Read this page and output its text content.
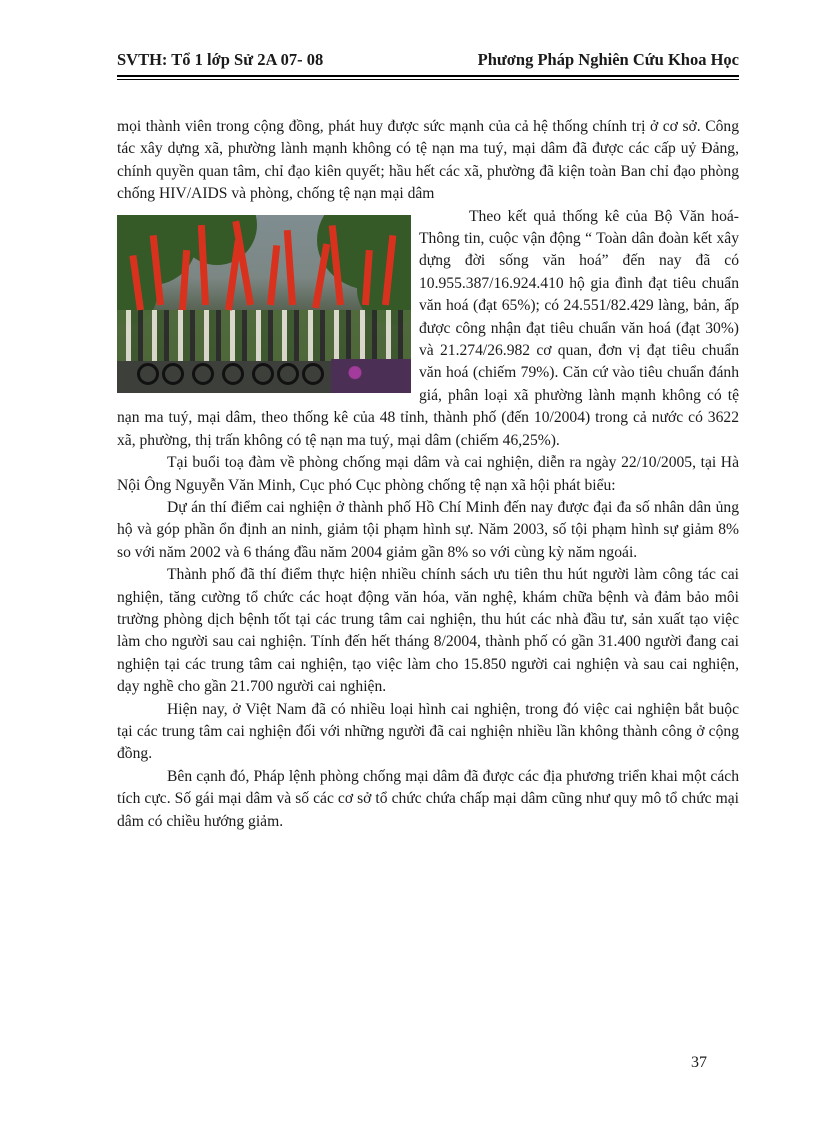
SVTH: Tổ 1 lớp Sử 2A 07- 08	Phương Pháp Nghiên Cứu Khoa Học

mọi thành viên trong cộng đồng, phát huy được sức mạnh của cả hệ thống chính trị ở cơ sở. Công tác xây dựng xã, phường lành mạnh không có tệ nạn ma tuý, mại dâm đã được các cấp uỷ Đảng, chính quyền quan tâm, chỉ đạo kiên quyết; hầu hết các xã, phường đã kiện toàn Ban chỉ đạo phòng chống HIV/AIDS và phòng, chống tệ nạn mại dâm

Theo kết quả thống kê của Bộ Văn hoá- Thông tin, cuộc vận động “ Toàn dân đoàn kết xây dựng đời sống văn hoá” đến nay đã có 10.955.387/16.924.410 hộ gia đình đạt tiêu chuẩn văn hoá (đạt 65%); có 24.551/82.429 làng, bản, ấp được công nhận đạt tiêu chuẩn văn hoá (đạt 30%) và 21.274/26.982 cơ quan, đơn vị đạt tiêu chuẩn văn hoá (chiếm 79%). Căn cứ vào tiêu chuẩn đánh giá, phân loại xã phường lành mạnh không có tệ nạn ma tuý, mại dâm, theo thống kê của 48 tỉnh, thành phố (đến 10/2004) trong cả nước có 3622 xã, phường, thị trấn không có tệ nạn ma tuý, mại dâm (chiếm 46,25%).

Tại buổi toạ đàm về phòng chống mại dâm và cai nghiện, diễn ra ngày 22/10/2005, tại Hà Nội Ông Nguyễn Văn Minh, Cục phó Cục phòng chống tệ nạn xã hội phát biểu:

Dự án thí điểm cai nghiện ở thành phố Hồ Chí Minh đến nay được đại đa số nhân dân ủng hộ và góp phần ổn định an ninh, giảm tội phạm hình sự. Năm 2003, số tội phạm hình sự giảm 8% so với năm 2002 và 6 tháng đầu năm 2004 giảm gần 8% so với cùng kỳ năm ngoái.

Thành phố đã thí điểm thực hiện nhiều chính sách ưu tiên thu hút người làm công tác cai nghiện, tăng cường tổ chức các hoạt động văn hóa, văn nghệ, khám chữa bệnh và đảm bảo môi trường phòng dịch bệnh tốt tại các trung tâm cai nghiện, thu hút các nhà đầu tư, sản xuất tạo việc làm cho người sau cai nghiện. Tính đến hết tháng 8/2004, thành phố có gần 31.400 người đang cai nghiện tại các trung tâm cai nghiện, tạo việc làm cho 15.850 người cai nghiện và sau cai nghiện, dạy nghề cho gần 21.700 người cai nghiện.

Hiện nay, ở Việt Nam đã có nhiều loại hình cai nghiện, trong đó việc cai nghiện bắt buộc tại các trung tâm cai nghiện đối với những người đã cai nghiện nhiều lần không thành công ở cộng đồng.

Bên cạnh đó, Pháp lệnh phòng chống mại dâm đã được các địa phương triển khai một cách tích cực. Số gái mại dâm và số các cơ sở tổ chức chứa chấp mại dâm cũng như quy mô tổ chức mại dâm có chiều hướng giảm.

37
